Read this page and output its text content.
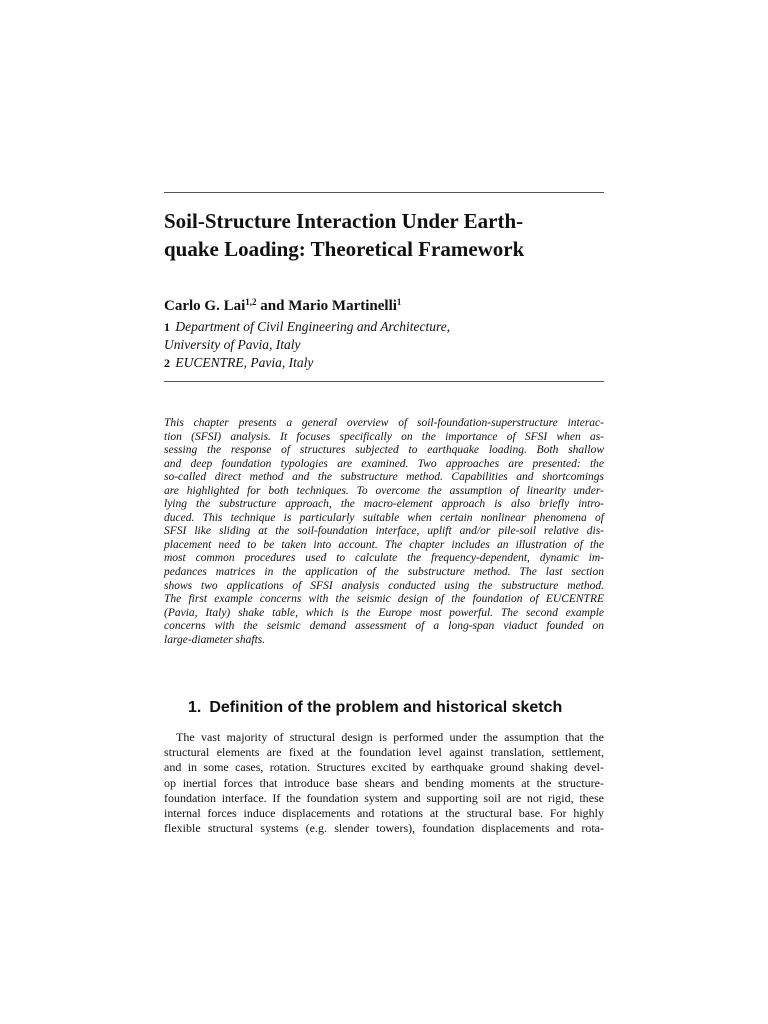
Soil-Structure Interaction Under Earth-
quake Loading: Theoretical Framework
Carlo G. Lai$^{1,2}$ and Mario Martinelli$^1$
1 Department of Civil Engineering and Architecture,
University of Pavia, Italy
2 EUCENTRE, Pavia, Italy
This chapter presents a general overview of soil-foundation-superstructure interac-
tion (SFSI) analysis. It focuses specifically on the importance of SFSI when as-
sessing the response of structures subjected to earthquake loading. Both shallow
and deep foundation typologies are examined. Two approaches are presented: the
so-called direct method and the substructure method. Capabilities and shortcomings
are highlighted for both techniques. To overcome the assumption of linearity under-
lying the substructure approach, the macro-element approach is also briefly intro-
duced. This technique is particularly suitable when certain nonlinear phenomena of
SFSI like sliding at the soil-foundation interface, uplift and/or pile-soil relative dis-
placement need to be taken into account. The chapter includes an illustration of the
most common procedures used to calculate the frequency-dependent, dynamic im-
pedances matrices in the application of the substructure method. The last section
shows two applications of SFSI analysis conducted using the substructure method.
The first example concerns with the seismic design of the foundation of EUCENTRE
(Pavia, Italy) shake table, which is the Europe most powerful. The second example
concerns with the seismic demand assessment of a long-span viaduct founded on
large-diameter shafts.
1. Definition of the problem and historical sketch
The vast majority of structural design is performed under the assumption that the
structural elements are fixed at the foundation level against translation, settlement,
and in some cases, rotation. Structures excited by earthquake ground shaking devel-
op inertial forces that introduce base shears and bending moments at the structure-
foundation interface. If the foundation system and supporting soil are not rigid, these
internal forces induce displacements and rotations at the structural base. For highly
flexible structural systems (e.g. slender towers), foundation displacements and rota-
